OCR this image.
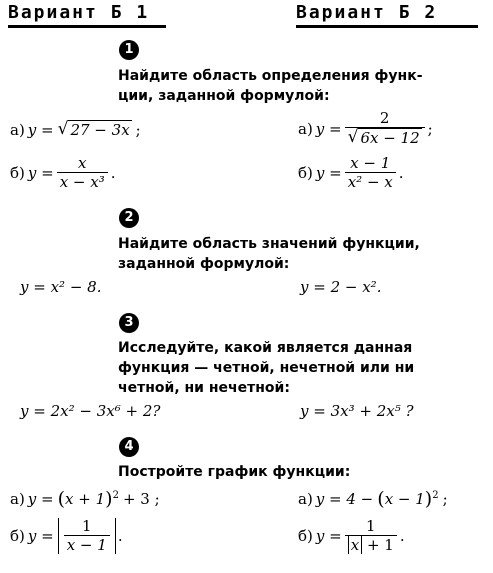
Вариант Б 1	Вариант Б 2
1
Найдите область определения функ-
ции, заданной формулой:
а) y = √ 27 − 3x ;	а) $y = \frac{2}{√ 6x - 12}$ ;
б) $y = \frac{x}{\text{x − x³}}$ .	б) $y = \frac{x - 1}{\text{x² − x}}$ .
2
Найдите область значений функции,
заданной формулой:
y = x² − 8.	y = 2 − x².
3
Исследуйте, какой является данная
функция — четной, нечетной или ни
четной, ни нечетной:
y = 2x² − 3x⁶ + 2?	y = 3x³ + 2x⁵ ?
4
Постройте график функции:
а) y = ( x + 1 )$^2$ + 3 ;	а) y = 4 − ( x − 1 )$^2$ ;
б) $y = \frac{1}{x - 1}$ .	б) $y = \frac{1}{x + 1}$ .
